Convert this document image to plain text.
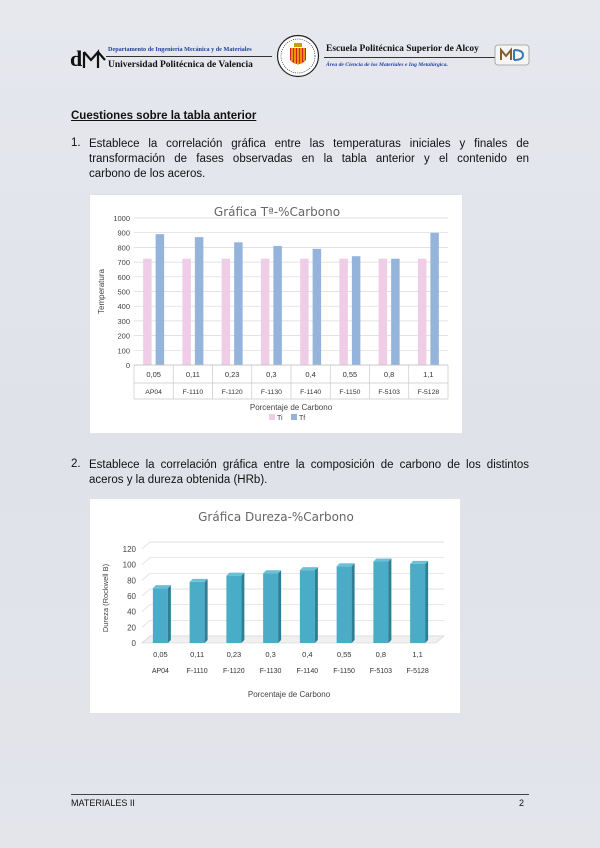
d	Departamento de Ingeniería Mecánica y de Materiales
Universidad Politécnica de Valencia
Escuela Politécnica Superior de Alcoy
Área de Ciencia de los Materiales e Ing Metalúrgica.
Cuestiones sobre la tabla anterior
1. Establece la correlación gráfica entre las temperaturas iniciales y finales de
transformación de fases observadas en la tabla anterior y el contenido en
carbono de los aceros.
Gráfica Tª-%Carbono
0
100
200
300
400
500
600
700
800
900
1000
Temperatura
0,05
AP04
0,11
F-1110
0,23
F-1120
0,3
F-1130
0,4
F-1140
0,55
F-1150
0,8
F-5103
1,1
F-5128
Porcentaje de Carbono
Ti Tf
2. Establece la correlación gráfica entre la composición de carbono de los distintos
aceros y la dureza obtenida (HRb).
Gráfica Dureza-%Carbono
0
20
40
60
80
100
120
Dureza (Rockwell B)
0,05
AP04
0,11
F-1110
0,23
F-1120
0,3
F-1130
0,4
F-1140
0,55
F-1150
0,8
F-5103
1,1
F-5128
Porcentaje de Carbono
MATERIALES II	2
